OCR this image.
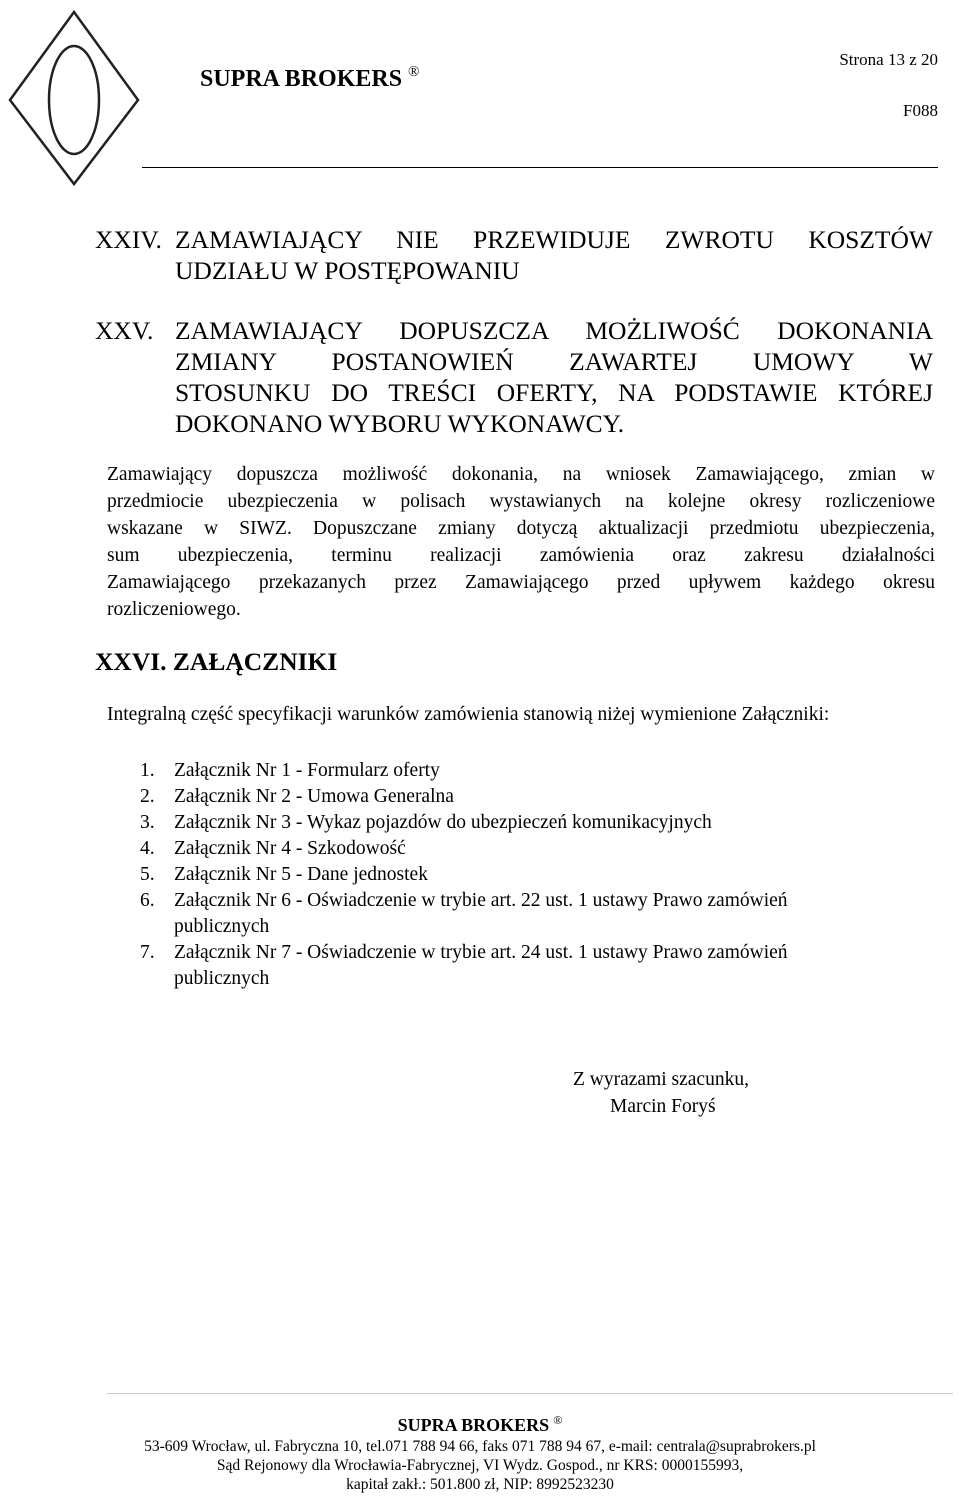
SUPRA BROKERS ®
Strona 13 z 20
F088
XXIV. ZAMAWIAJĄCY NIE PRZEWIDUJE ZWROTU KOSZTÓW
UDZIAŁU W POSTĘPOWANIU
XXV. ZAMAWIAJĄCY DOPUSZCZA MOŻLIWOŚĆ DOKONANIA
ZMIANY POSTANOWIEŃ ZAWARTEJ UMOWY W
STOSUNKU DO TREŚCI OFERTY, NA PODSTAWIE KTÓREJ
DOKONANO WYBORU WYKONAWCY.
Zamawiający dopuszcza możliwość dokonania, na wniosek Zamawiającego, zmian w
przedmiocie ubezpieczenia w polisach wystawianych na kolejne okresy rozliczeniowe
wskazane w SIWZ. Dopuszczane zmiany dotyczą aktualizacji przedmiotu ubezpieczenia,
sum ubezpieczenia, terminu realizacji zamówienia oraz zakresu działalności
Zamawiającego przekazanych przez Zamawiającego przed upływem każdego okresu
rozliczeniowego.
XXVI. ZAŁĄCZNIKI
Integralną część specyfikacji warunków zamówienia stanowią niżej wymienione Załączniki:
1. Załącznik Nr 1 - Formularz oferty
2. Załącznik Nr 2 - Umowa Generalna
3. Załącznik Nr 3 - Wykaz pojazdów do ubezpieczeń komunikacyjnych
4. Załącznik Nr 4 - Szkodowość
5. Załącznik Nr 5 - Dane jednostek
6. Załącznik Nr 6 - Oświadczenie w trybie art. 22 ust. 1 ustawy Prawo zamówień
publicznych
7. Załącznik Nr 7 - Oświadczenie w trybie art. 24 ust. 1 ustawy Prawo zamówień
publicznych
Z wyrazami szacunku,
Marcin Foryś
SUPRA BROKERS ®
53-609 Wrocław, ul. Fabryczna 10, tel.071 788 94 66, faks 071 788 94 67, e-mail: centrala@suprabrokers.pl
Sąd Rejonowy dla Wrocławia-Fabrycznej, VI Wydz. Gospod., nr KRS: 0000155993,
kapitał zakł.: 501.800 zł, NIP: 8992523230
